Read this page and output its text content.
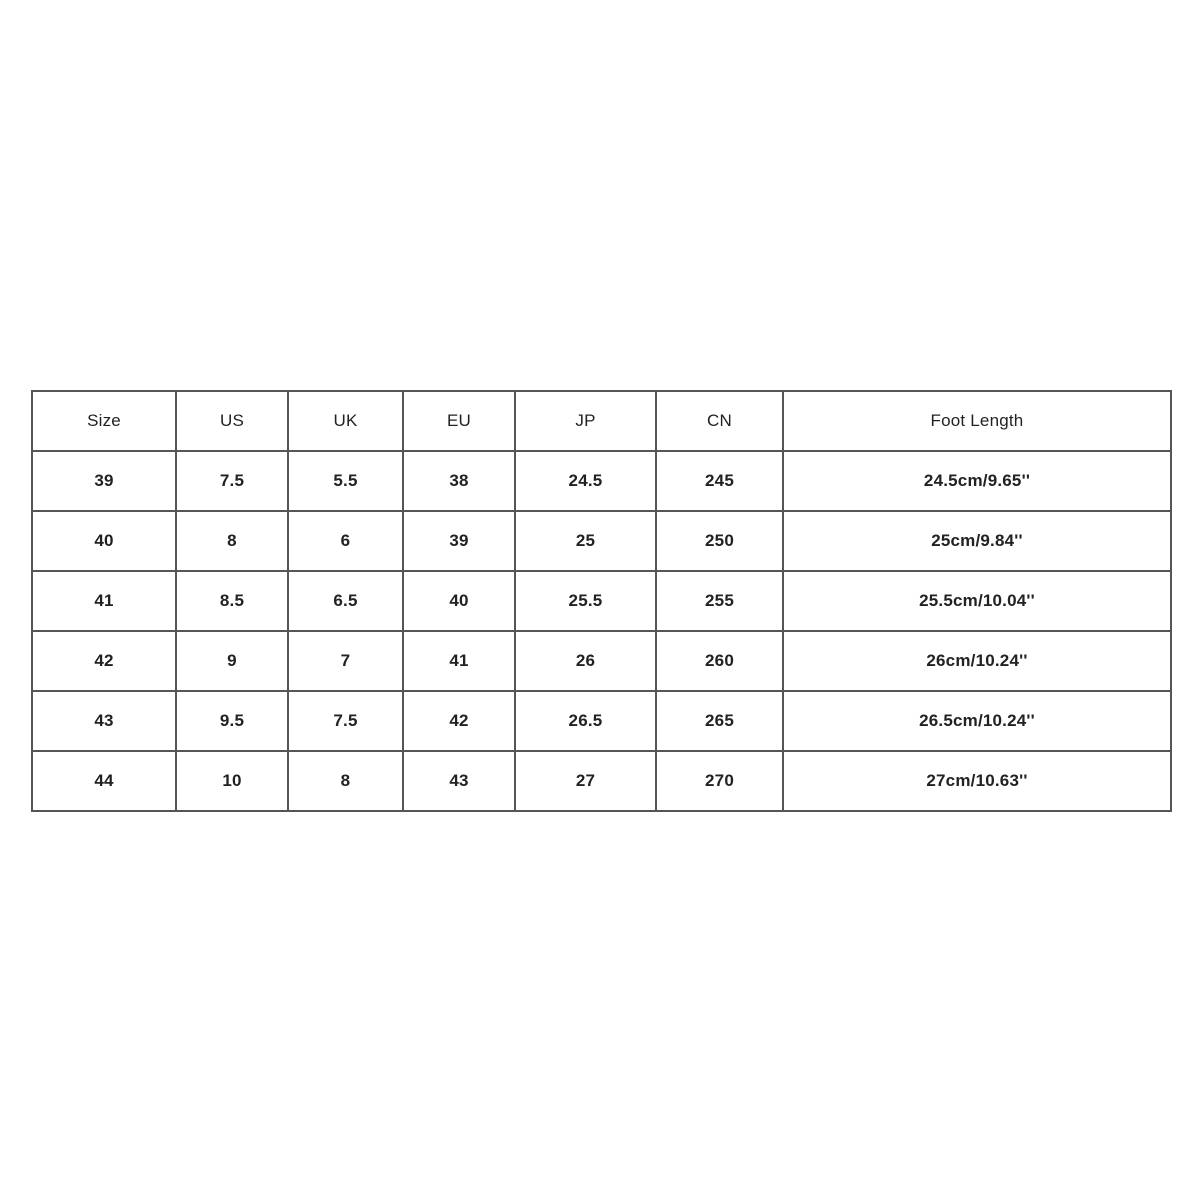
Size	US	UK	EU	JP	CN	Foot Length
39	7.5	5.5	38	24.5	245	24.5cm/9.65''
40	8	6	39	25	250	25cm/9.84''
41	8.5	6.5	40	25.5	255	25.5cm/10.04''
42	9	7	41	26	260	26cm/10.24''
43	9.5	7.5	42	26.5	265	26.5cm/10.24''
44	10	8	43	27	270	27cm/10.63''
